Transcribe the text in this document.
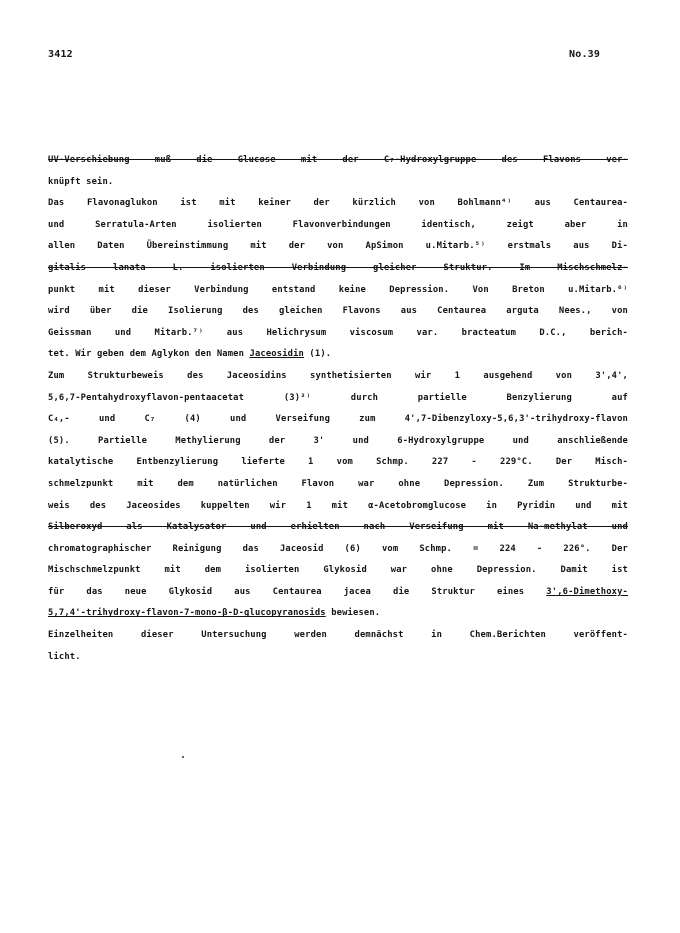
3412	No.39
UV-Verschiebung muß die Glucose mit der C₇-Hydroxylgruppe des Flavons ver-
knüpft sein.
Das Flavonaglukon ist mit keiner der kürzlich von Bohlmann⁴⁾ aus Centaurea-
und Serratula-Arten isolierten Flavonverbindungen identisch, zeigt aber in
allen Daten Übereinstimmung mit der von ApSimon u.Mitarb.⁵⁾ erstmals aus Di-
gitalis lanata L. isolierten Verbindung gleicher Struktur. Im Mischschmelz-
punkt mit dieser Verbindung entstand keine Depression. Von Breton u.Mitarb.⁶⁾
wird über die Isolierung des gleichen Flavons aus Centaurea arguta Nees., von
Geissman und Mitarb.⁷⁾ aus Helichrysum viscosum var. bracteatum D.C., berich-
tet. Wir geben dem Aglykon den Namen Jaceosidin (1).
Zum Strukturbeweis des Jaceosidins synthetisierten wir 1 ausgehend von 3',4',
5,6,7-Pentahydroxyflavon-pentaacetat (3)³⁾ durch partielle Benzylierung auf
C₄,- und C₇ (4) und Verseifung zum 4',7-Dibenzyloxy-5,6,3'-trihydroxy-flavon
(5). Partielle Methylierung der 3' und 6-Hydroxylgruppe und anschließende
katalytische Entbenzylierung lieferte 1 vom Schmp. 227 - 229°C. Der Misch-
schmelzpunkt mit dem natürlichen Flavon war ohne Depression. Zum Strukturbe-
weis des Jaceosides kuppelten wir 1 mit α-Acetobromglucose in Pyridin und mit
Silberoxyd als Katalysator und erhielten nach Verseifung mit Na-methylat und
chromatographischer Reinigung das Jaceosid (6) vom Schmp. = 224 - 226°. Der
Mischschmelzpunkt mit dem isolierten Glykosid war ohne Depression. Damit ist
für das neue Glykosid aus Centaurea jacea die Struktur eines 3',6-Dimethoxy-
5,7,4'-trihydroxy-flavon-7-mono-β-D-glucopyranosids bewiesen.
Einzelheiten dieser Untersuchung werden demnächst in Chem.Berichten veröffent-
licht.
